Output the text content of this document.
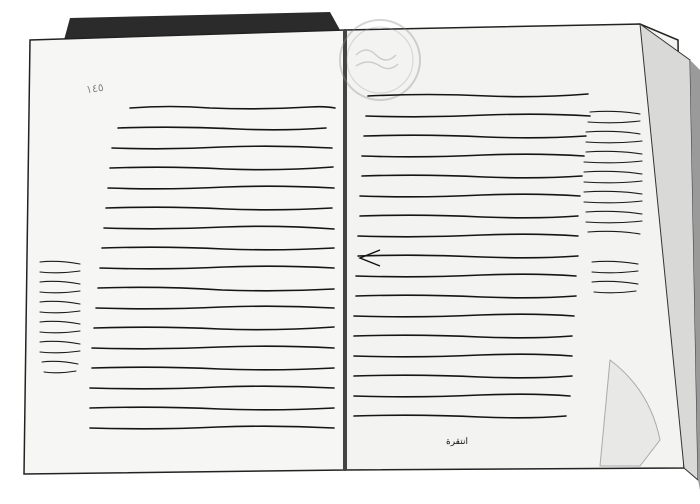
١٤٥
انتقرة
